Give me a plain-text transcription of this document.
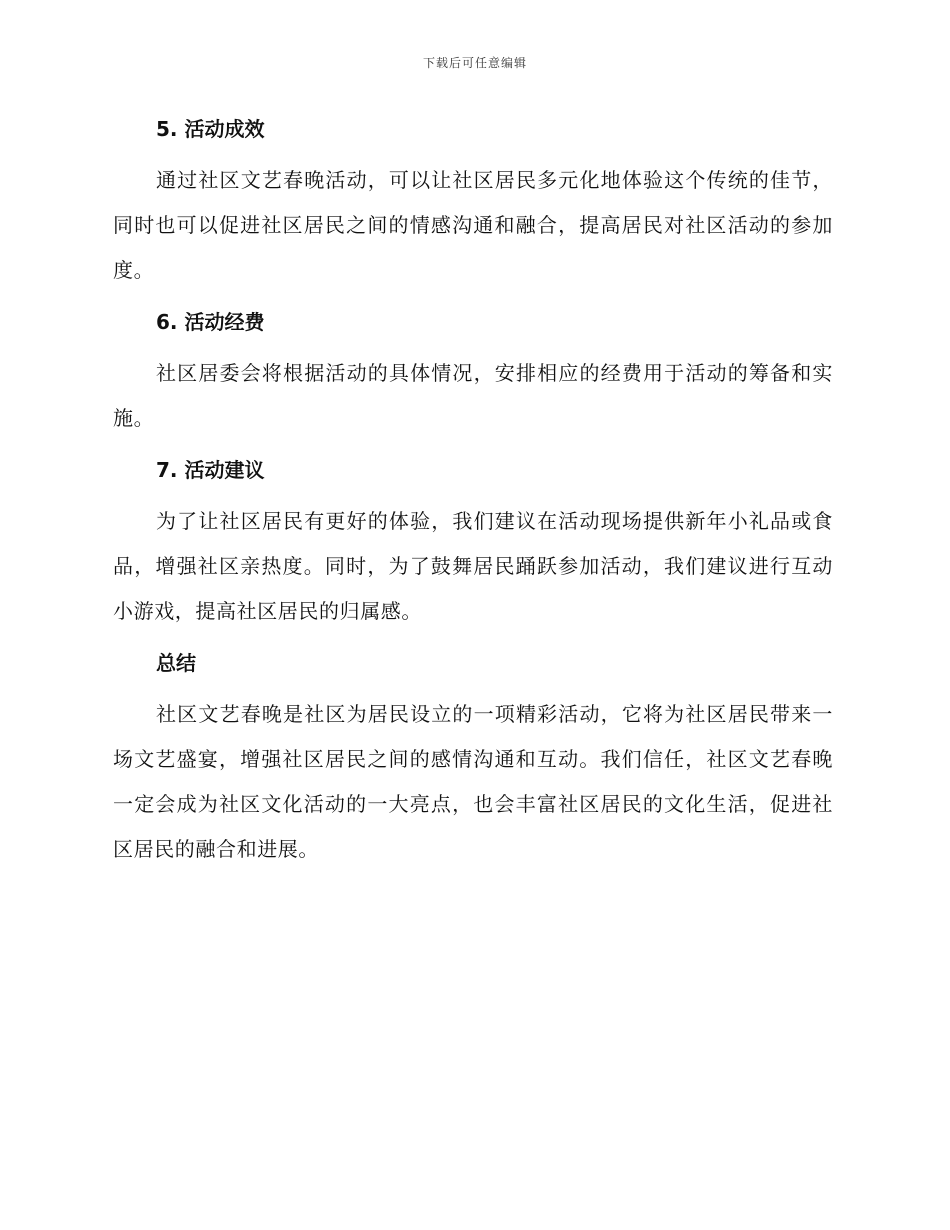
下载后可任意编辑
5. 活动成效

通过社区文艺春晚活动，可以让社区居民多元化地体验这个传统的佳节，同时也可以促进社区居民之间的情感沟通和融合，提高居民对社区活动的参加度。

6. 活动经费

社区居委会将根据活动的具体情况，安排相应的经费用于活动的筹备和实施。

7. 活动建议

为了让社区居民有更好的体验，我们建议在活动现场提供新年小礼品或食品，增强社区亲热度。同时，为了鼓舞居民踊跃参加活动，我们建议进行互动小游戏，提高社区居民的归属感。

总结

社区文艺春晚是社区为居民设立的一项精彩活动，它将为社区居民带来一场文艺盛宴，增强社区居民之间的感情沟通和互动。我们信任，社区文艺春晚一定会成为社区文化活动的一大亮点，也会丰富社区居民的文化生活，促进社区居民的融合和进展。
